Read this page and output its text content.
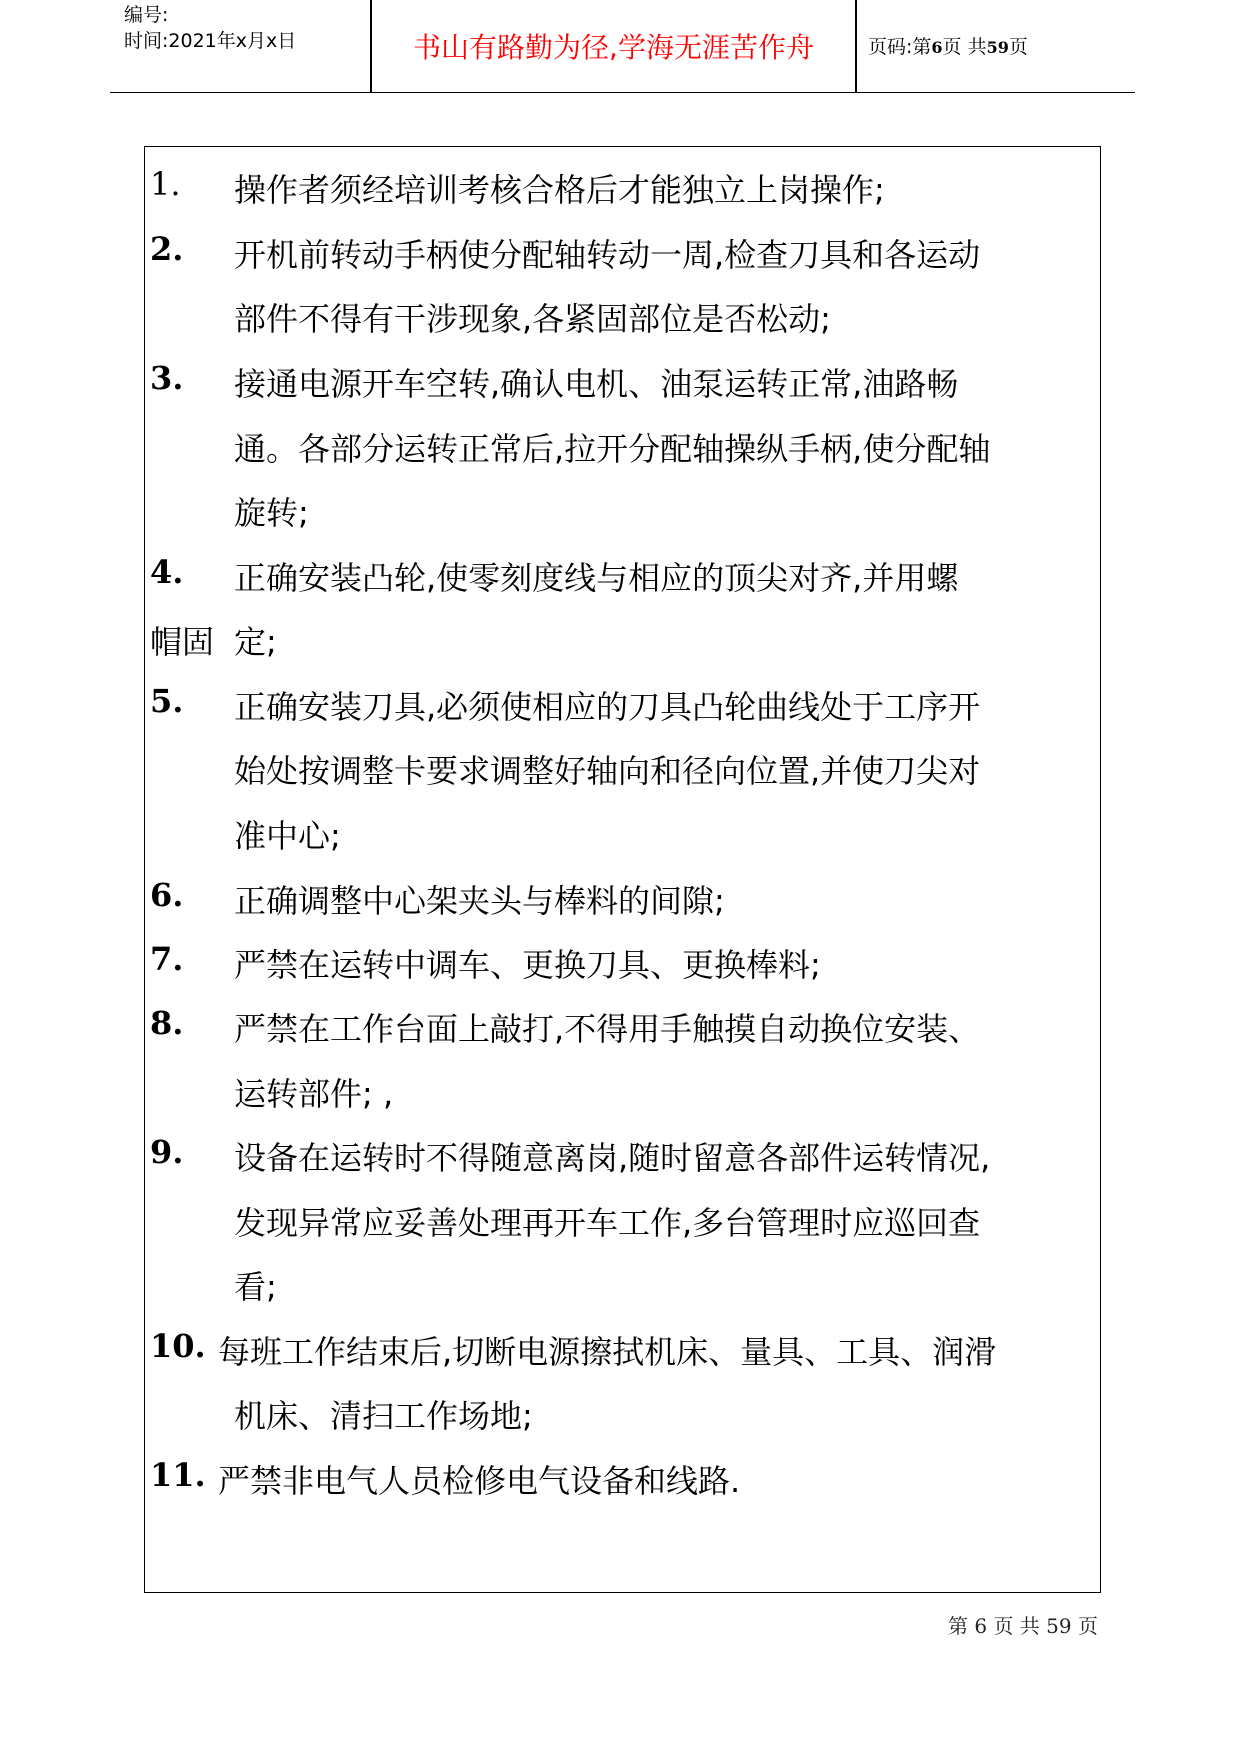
编号:
时间:2021年x月x日	书山有路勤为径,学海无涯苦作舟	页码:第6页 共59页
1. 操作者须经培训考核合格后才能独立上岗操作;
2. 开机前转动手柄使分配轴转动一周,检查刀具和各运动
部件不得有干涉现象,各紧固部位是否松动;
3. 接通电源开车空转,确认电机、油泵运转正常,油路畅
通。各部分运转正常后,拉开分配轴操纵手柄,使分配轴
旋转;
4. 正确安装凸轮,使零刻度线与相应的顶尖对齐,并用螺
帽固 定;
5. 正确安装刀具,必须使相应的刀具凸轮曲线处于工序开
始处按调整卡要求调整好轴向和径向位置,并使刀尖对
准中心;
6. 正确调整中心架夹头与棒料的间隙;
7. 严禁在运转中调车、更换刀具、更换棒料;
8. 严禁在工作台面上敲打,不得用手触摸自动换位安装、
运转部件; ,
9. 设备在运转时不得随意离岗,随时留意各部件运转情况,
发现异常应妥善处理再开车工作,多台管理时应巡回查
看;
10. 每班工作结束后,切断电源擦拭机床、量具、工具、润滑
机床、清扫工作场地;
11. 严禁非电气人员检修电气设备和线路.
第 6 页 共 59 页
